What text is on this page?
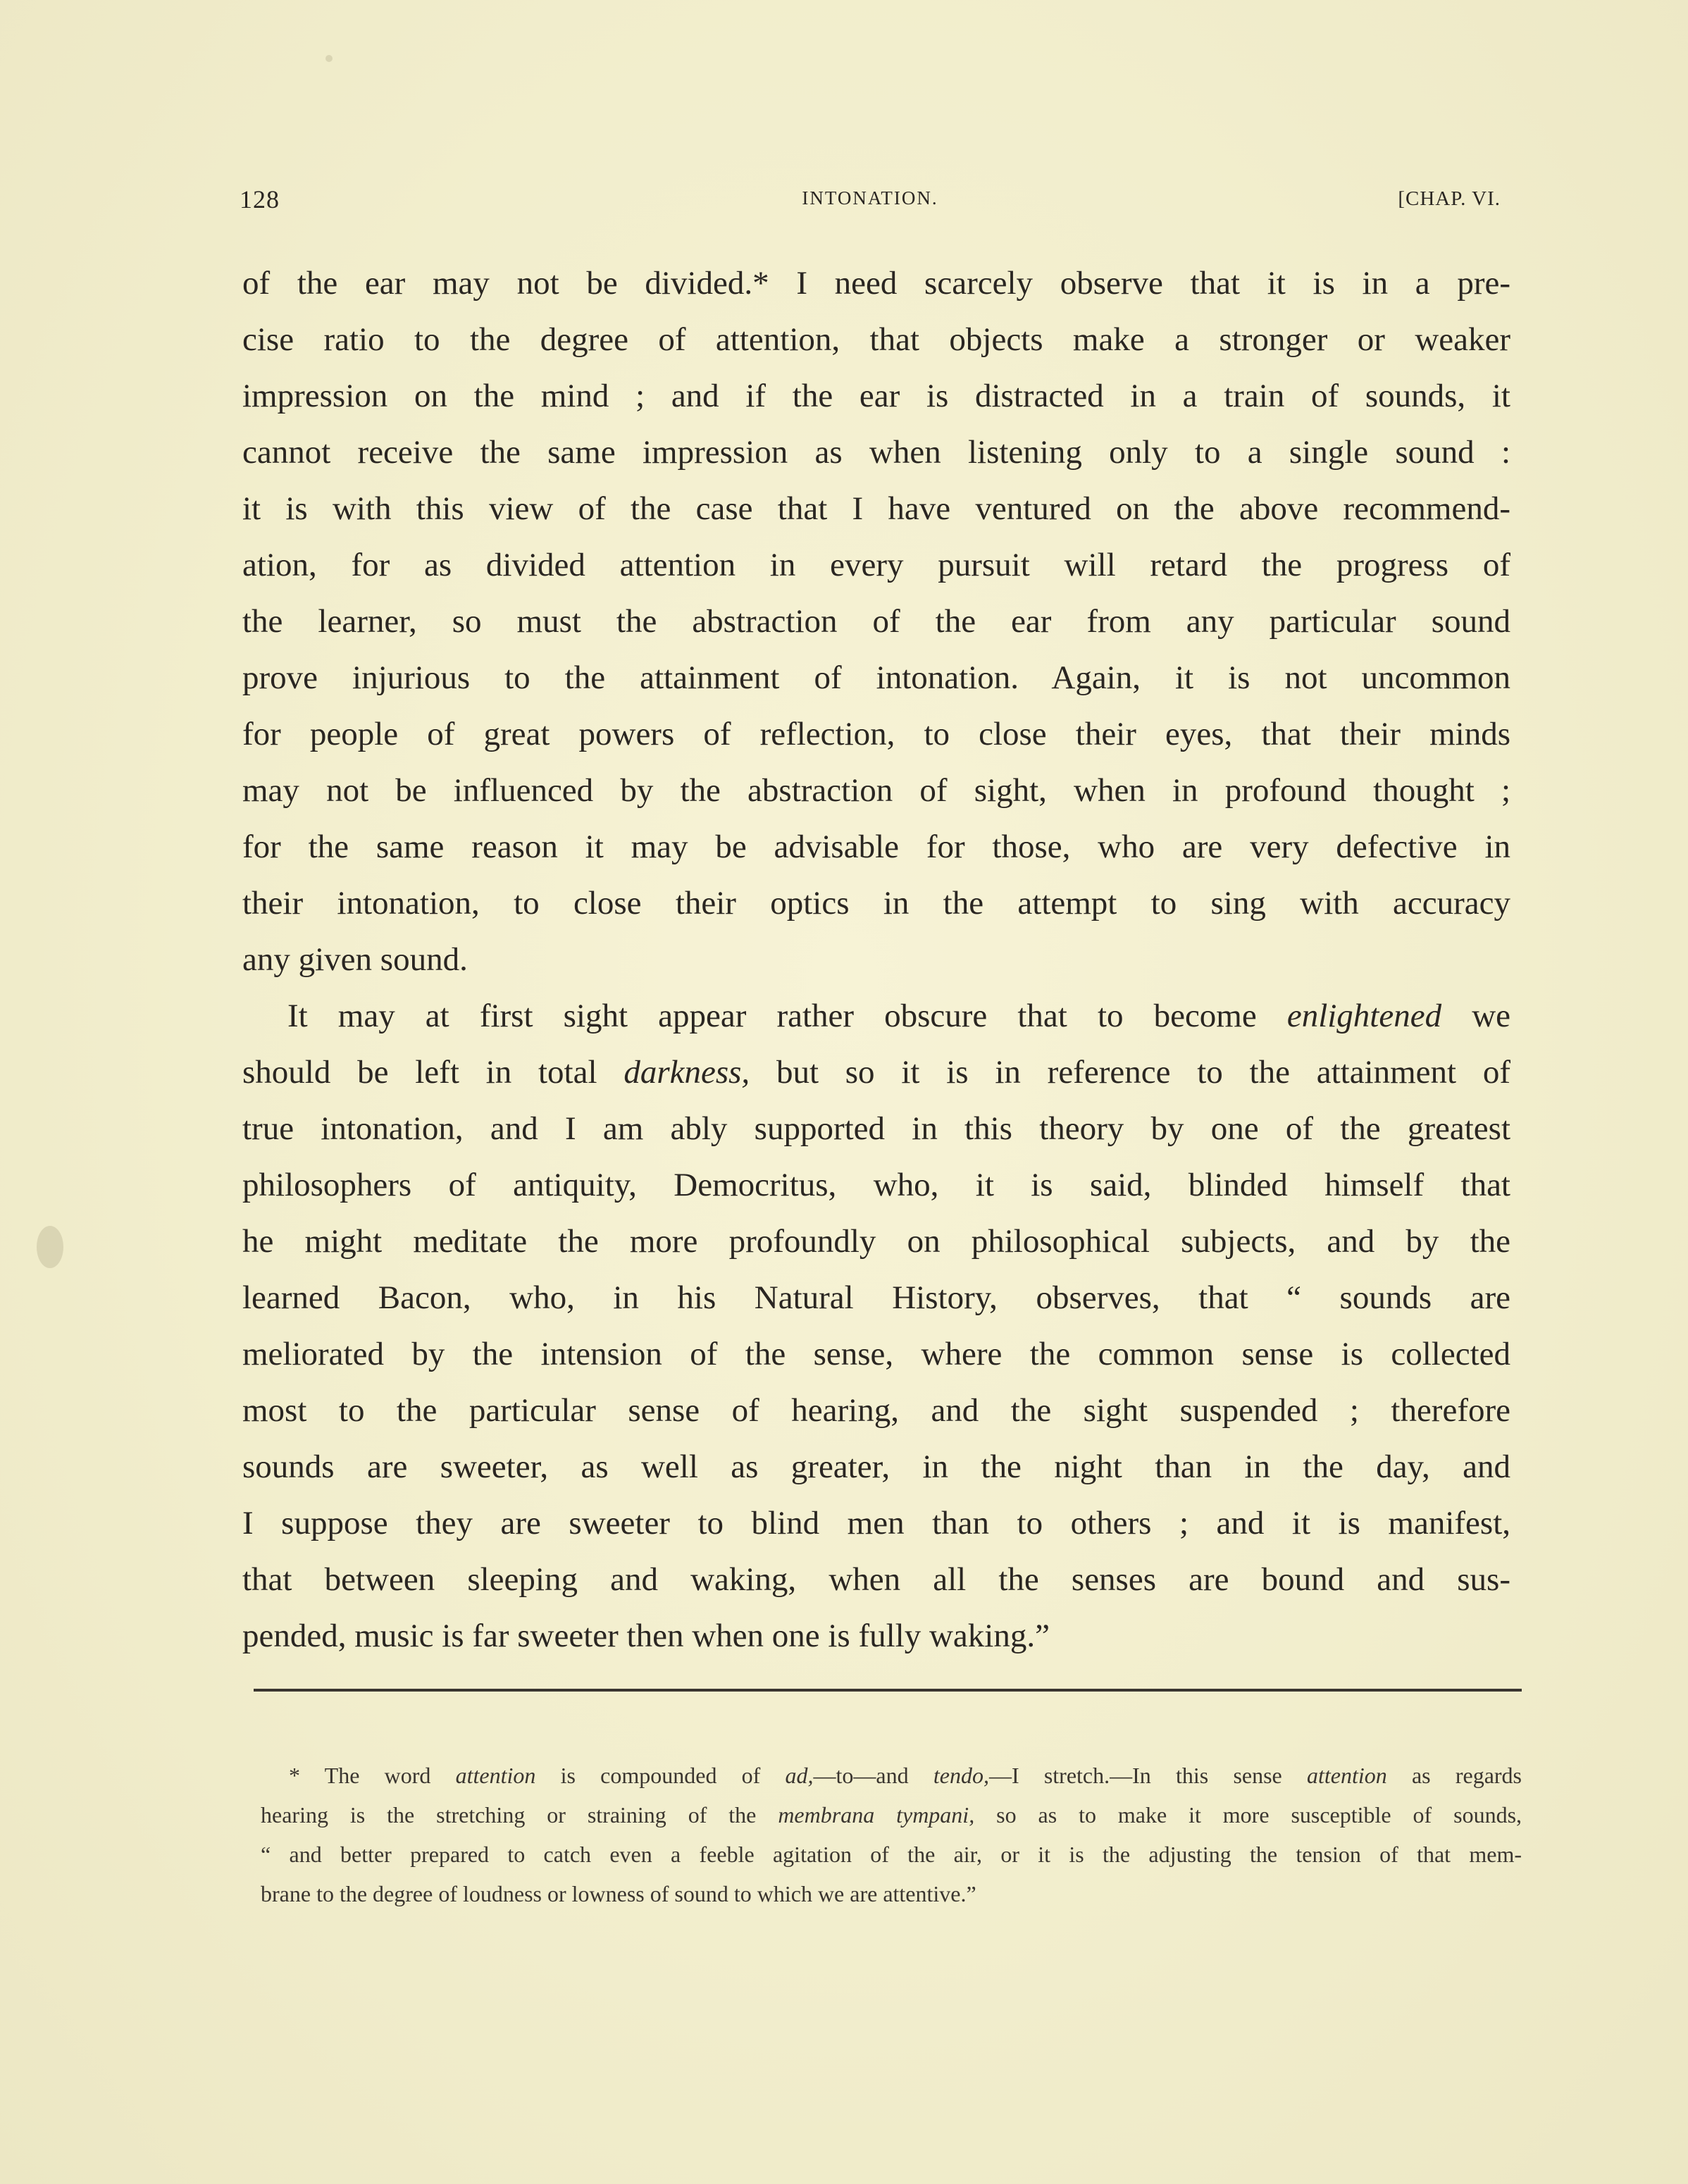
128	INTONATION.	[CHAP. VI.
of the ear may not be divided.* I need scarcely observe that it is in a pre-
cise ratio to the degree of attention, that objects make a stronger or weaker
impression on the mind ; and if the ear is distracted in a train of sounds, it
cannot receive the same impression as when listening only to a single sound :
it is with this view of the case that I have ventured on the above recommend-
ation, for as divided attention in every pursuit will retard the progress of
the learner, so must the abstraction of the ear from any particular sound
prove injurious to the attainment of intonation. Again, it is not uncommon
for people of great powers of reflection, to close their eyes, that their minds
may not be influenced by the abstraction of sight, when in profound thought ;
for the same reason it may be advisable for those, who are very defective in
their intonation, to close their optics in the attempt to sing with accuracy
any given sound.
It may at first sight appear rather obscure that to become enlightened we
should be left in total darkness, but so it is in reference to the attainment of
true intonation, and I am ably supported in this theory by one of the greatest
philosophers of antiquity, Democritus, who, it is said, blinded himself that
he might meditate the more profoundly on philosophical subjects, and by the
learned Bacon, who, in his Natural History, observes, that “ sounds are
meliorated by the intension of the sense, where the common sense is collected
most to the particular sense of hearing, and the sight suspended ; therefore
sounds are sweeter, as well as greater, in the night than in the day, and
I suppose they are sweeter to blind men than to others ; and it is manifest,
that between sleeping and waking, when all the senses are bound and sus-
pended, music is far sweeter then when one is fully waking.”
* The word attention is compounded of ad,—to—and tendo,—I stretch.—In this sense attention as regards
hearing is the stretching or straining of the membrana tympani, so as to make it more susceptible of sounds,
“ and better prepared to catch even a feeble agitation of the air, or it is the adjusting the tension of that mem-
brane to the degree of loudness or lowness of sound to which we are attentive.”
